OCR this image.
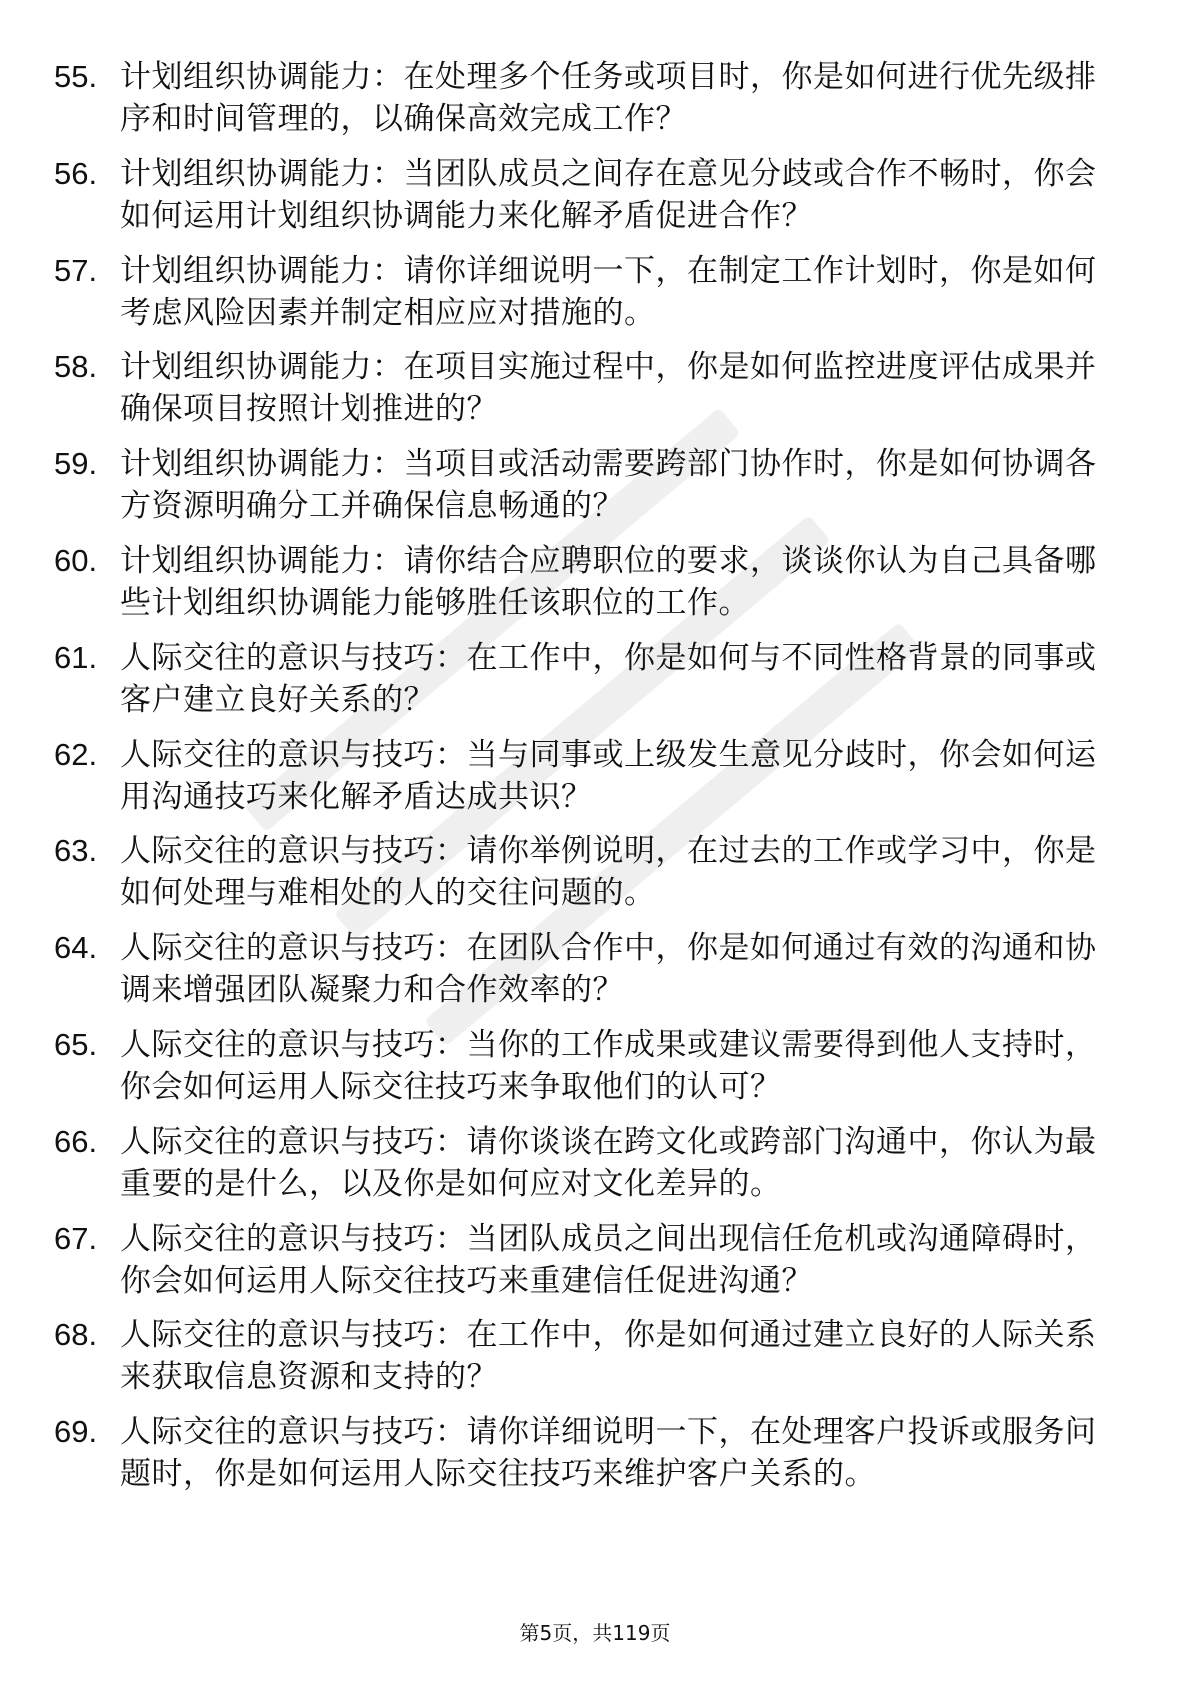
55. 计划组织协调能力：在处理多个任务或项目时，你是如何进行优先级排序和时间管理的，以确保高效完成工作？
56. 计划组织协调能力：当团队成员之间存在意见分歧或合作不畅时，你会如何运用计划组织协调能力来化解矛盾促进合作？
57. 计划组织协调能力：请你详细说明一下，在制定工作计划时，你是如何考虑风险因素并制定相应应对措施的。
58. 计划组织协调能力：在项目实施过程中，你是如何监控进度评估成果并确保项目按照计划推进的？
59. 计划组织协调能力：当项目或活动需要跨部门协作时，你是如何协调各方资源明确分工并确保信息畅通的？
60. 计划组织协调能力：请你结合应聘职位的要求，谈谈你认为自己具备哪些计划组织协调能力能够胜任该职位的工作。
61. 人际交往的意识与技巧：在工作中，你是如何与不同性格背景的同事或客户建立良好关系的？
62. 人际交往的意识与技巧：当与同事或上级发生意见分歧时，你会如何运用沟通技巧来化解矛盾达成共识？
63. 人际交往的意识与技巧：请你举例说明，在过去的工作或学习中，你是如何处理与难相处的人的交往问题的。
64. 人际交往的意识与技巧：在团队合作中，你是如何通过有效的沟通和协调来增强团队凝聚力和合作效率的？
65. 人际交往的意识与技巧：当你的工作成果或建议需要得到他人支持时，你会如何运用人际交往技巧来争取他们的认可？
66. 人际交往的意识与技巧：请你谈谈在跨文化或跨部门沟通中，你认为最重要的是什么，以及你是如何应对文化差异的。
67. 人际交往的意识与技巧：当团队成员之间出现信任危机或沟通障碍时，你会如何运用人际交往技巧来重建信任促进沟通？
68. 人际交往的意识与技巧：在工作中，你是如何通过建立良好的人际关系来获取信息资源和支持的？
69. 人际交往的意识与技巧：请你详细说明一下，在处理客户投诉或服务问题时，你是如何运用人际交往技巧来维护客户关系的。
第5页，共119页
